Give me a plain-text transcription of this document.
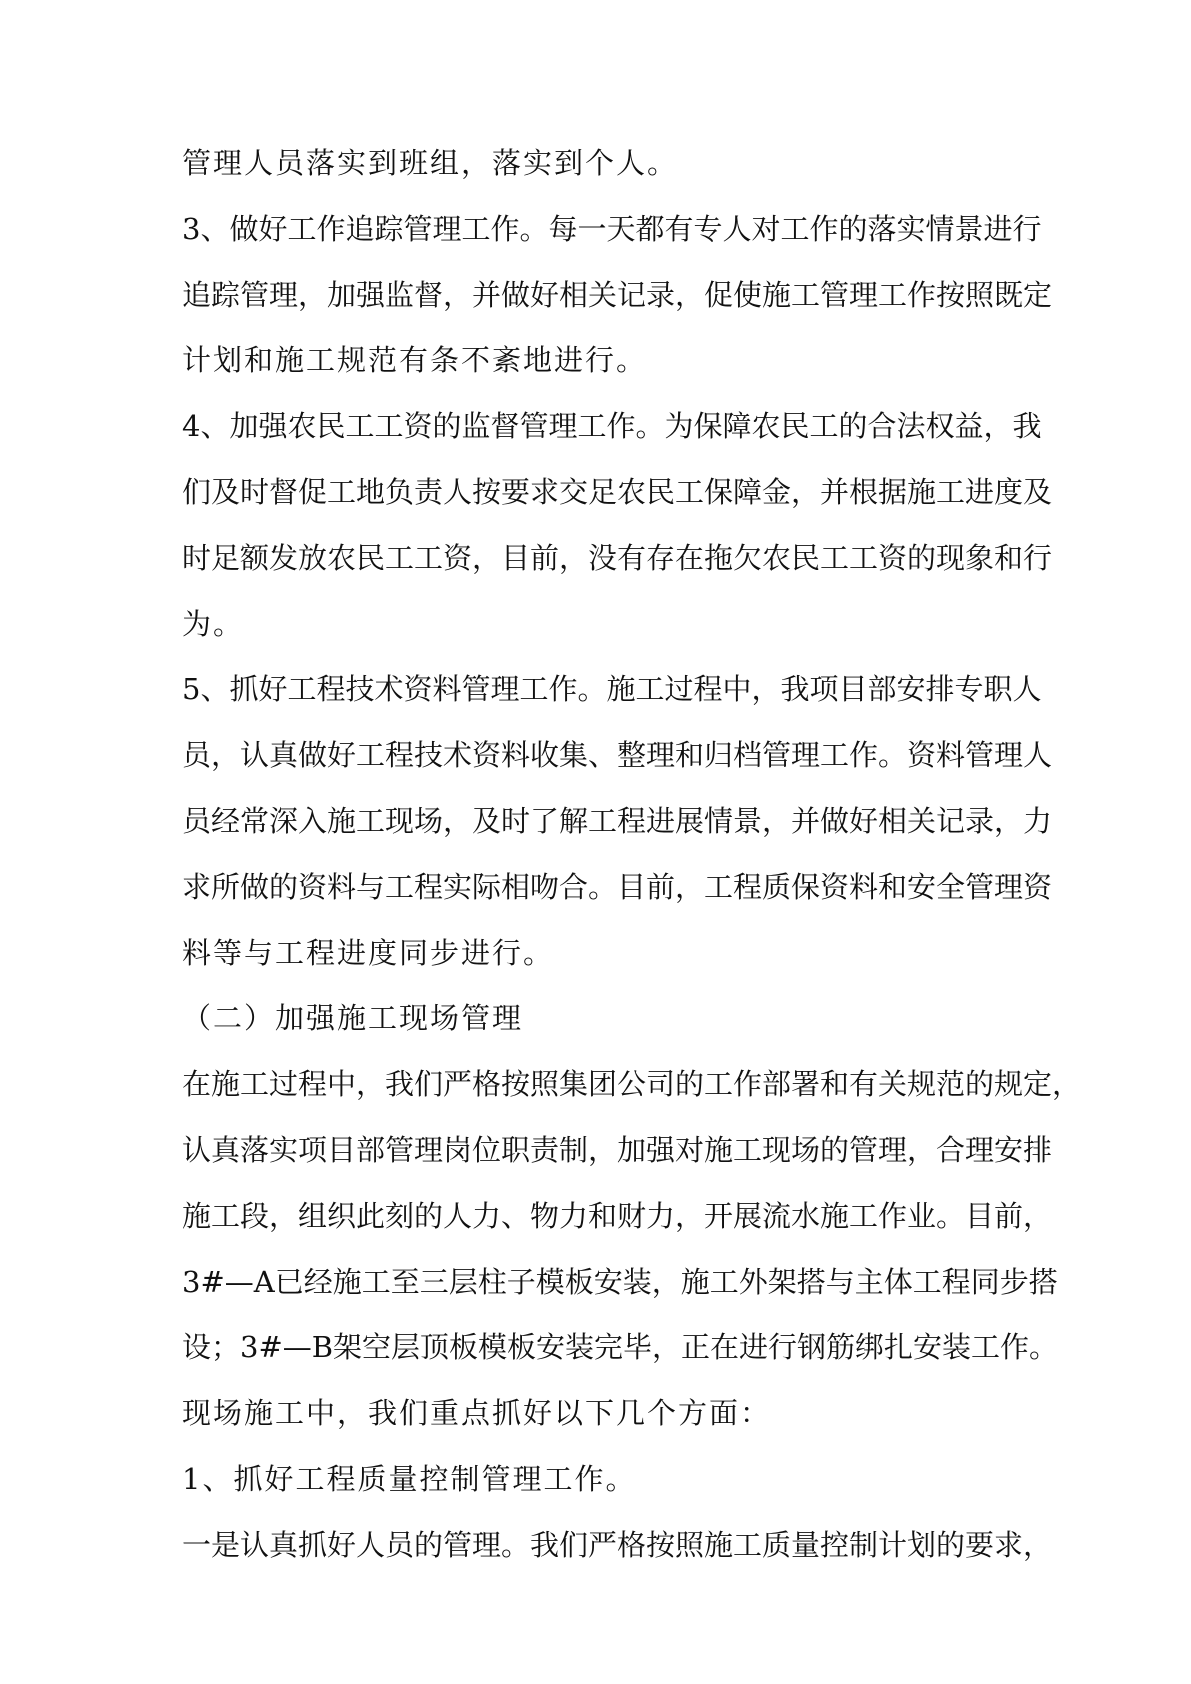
管理人员落实到班组，落实到个人。
3、做好工作追踪管理工作。每一天都有专人对工作的落实情景进行
追踪管理，加强监督，并做好相关记录，促使施工管理工作按照既定
计划和施工规范有条不紊地进行。
4、加强农民工工资的监督管理工作。为保障农民工的合法权益，我
们及时督促工地负责人按要求交足农民工保障金，并根据施工进度及
时足额发放农民工工资，目前，没有存在拖欠农民工工资的现象和行
为。
5、抓好工程技术资料管理工作。施工过程中，我项目部安排专职人
员，认真做好工程技术资料收集、整理和归档管理工作。资料管理人
员经常深入施工现场，及时了解工程进展情景，并做好相关记录，力
求所做的资料与工程实际相吻合。目前，工程质保资料和安全管理资
料等与工程进度同步进行。
（二）加强施工现场管理
在施工过程中，我们严格按照集团公司的工作部署和有关规范的规定，
认真落实项目部管理岗位职责制，加强对施工现场的管理，合理安排
施工段，组织此刻的人力、物力和财力，开展流水施工作业。目前，
3#—A已经施工至三层柱子模板安装，施工外架搭与主体工程同步搭
设；3#—B架空层顶板模板安装完毕，正在进行钢筋绑扎安装工作。
现场施工中，我们重点抓好以下几个方面：
1、抓好工程质量控制管理工作。
一是认真抓好人员的管理。我们严格按照施工质量控制计划的要求，
